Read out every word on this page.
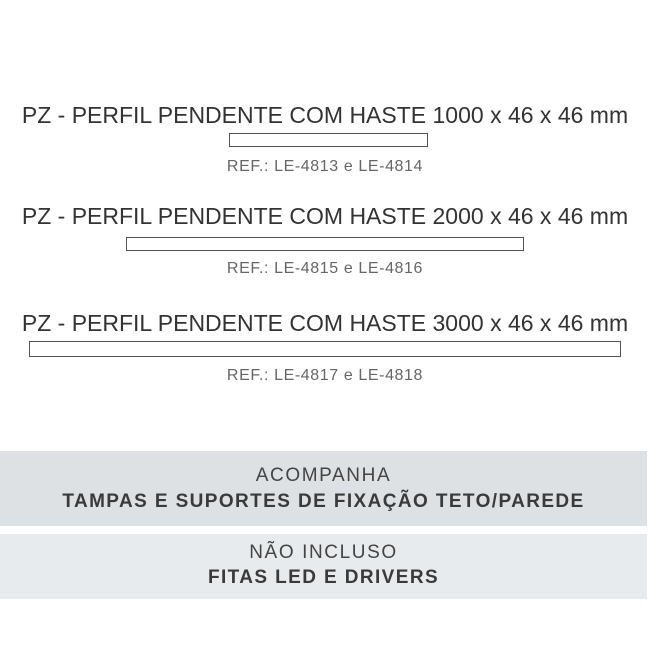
PZ - PERFIL PENDENTE COM HASTE 1000 x 46 x 46 mm
REF.: LE-4813 e LE-4814
PZ - PERFIL PENDENTE COM HASTE 2000 x 46 x 46 mm
REF.: LE-4815 e LE-4816
PZ - PERFIL PENDENTE COM HASTE 3000 x 46 x 46 mm
REF.: LE-4817 e LE-4818
ACOMPANHA
TAMPAS E SUPORTES DE FIXAÇÃO TETO/PAREDE
NÃO INCLUSO
FITAS LED E DRIVERS
